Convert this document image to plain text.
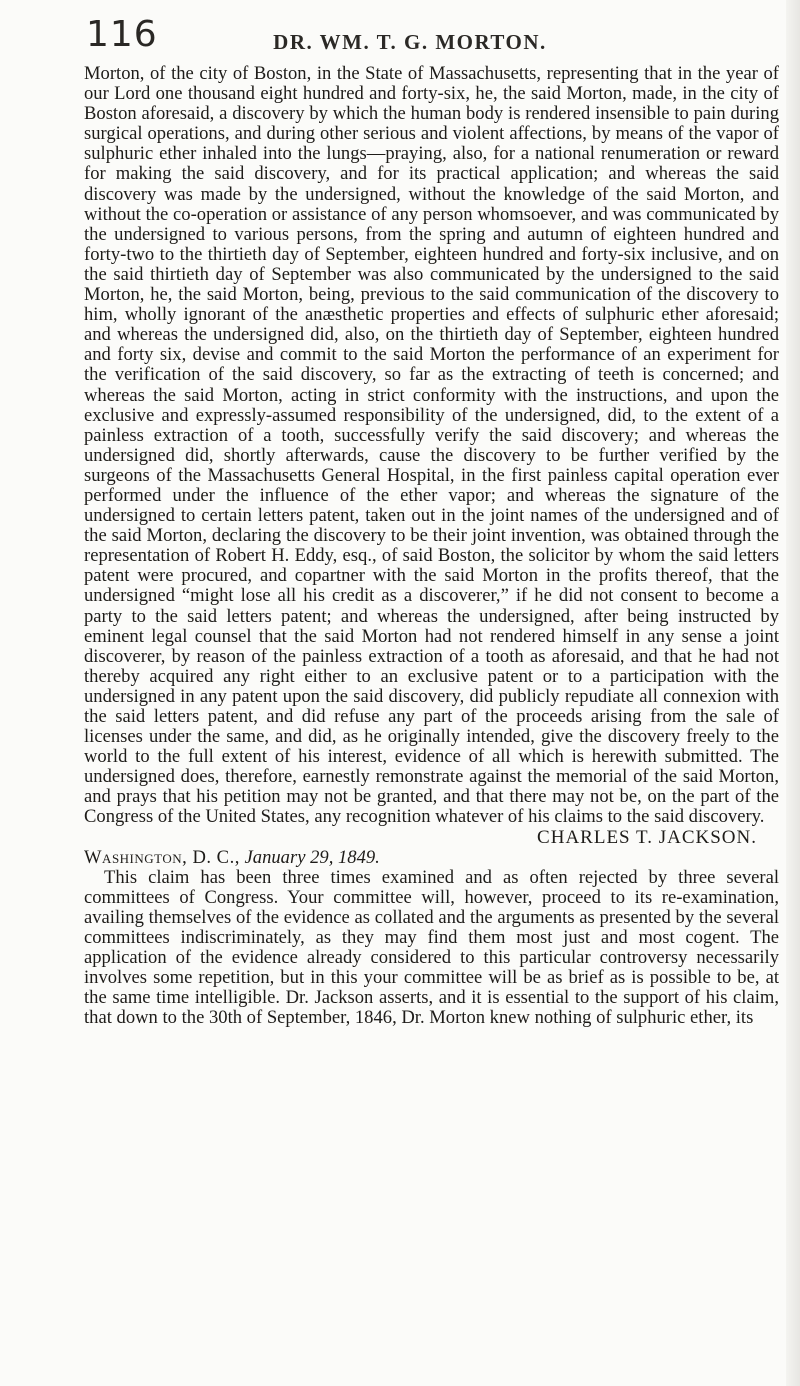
116	DR. WM. T. G. MORTON.

Morton, of the city of Boston, in the State of Massachusetts, representing that in the year of our Lord one thousand eight hundred and forty-six, he, the said Morton, made, in the city of Boston aforesaid, a discovery by which the human body is rendered insensible to pain during surgical operations, and during other serious and violent affections, by means of the vapor of sulphuric ether inhaled into the lungs—praying, also, for a national renumeration or reward for making the said discovery, and for its practical application; and whereas the said discovery was made by the undersigned, without the knowledge of the said Morton, and without the co-operation or assistance of any person whomsoever, and was communicated by the undersigned to various persons, from the spring and autumn of eighteen hundred and forty-two to the thirtieth day of September, eighteen hundred and forty-six inclusive, and on the said thirtieth day of September was also communicated by the undersigned to the said Morton, he, the said Morton, being, previous to the said communication of the discovery to him, wholly ignorant of the anæsthetic properties and effects of sulphuric ether aforesaid; and whereas the undersigned did, also, on the thirtieth day of September, eighteen hundred and forty six, devise and commit to the said Morton the performance of an experiment for the verification of the said discovery, so far as the extracting of teeth is concerned; and whereas the said Morton, acting in strict conformity with the instructions, and upon the exclusive and expressly-assumed responsibility of the undersigned, did, to the extent of a painless extraction of a tooth, successfully verify the said discovery; and whereas the undersigned did, shortly afterwards, cause the discovery to be further verified by the surgeons of the Massachusetts General Hospital, in the first painless capital operation ever performed under the influence of the ether vapor; and whereas the signature of the undersigned to certain letters patent, taken out in the joint names of the undersigned and of the said Morton, declaring the discovery to be their joint invention, was obtained through the representation of Robert H. Eddy, esq., of said Boston, the solicitor by whom the said letters patent were procured, and copartner with the said Morton in the profits thereof, that the undersigned “might lose all his credit as a discoverer,” if he did not consent to become a party to the said letters patent; and whereas the undersigned, after being instructed by eminent legal counsel that the said Morton had not rendered himself in any sense a joint discoverer, by reason of the painless extraction of a tooth as aforesaid, and that he had not thereby acquired any right either to an exclusive patent or to a participation with the undersigned in any patent upon the said discovery, did publicly repudiate all connexion with the said letters patent, and did refuse any part of the proceeds arising from the sale of licenses under the same, and did, as he originally intended, give the discovery freely to the world to the full extent of his interest, evidence of all which is herewith submitted. The undersigned does, therefore, earnestly remonstrate against the memorial of the said Morton, and prays that his petition may not be granted, and that there may not be, on the part of the Congress of the United States, any recognition whatever of his claims to the said discovery.

CHARLES T. JACKSON.

Washington, D. C., January 29, 1849.

This claim has been three times examined and as often rejected by three several committees of Congress. Your committee will, however, proceed to its re-examination, availing themselves of the evidence as collated and the arguments as presented by the several committees indiscriminately, as they may find them most just and most cogent. The application of the evidence already considered to this particular controversy necessarily involves some repetition, but in this your committee will be as brief as is possible to be, at the same time intelligible. Dr. Jackson asserts, and it is essential to the support of his claim, that down to the 30th of September, 1846, Dr. Morton knew nothing of sulphuric ether, its
